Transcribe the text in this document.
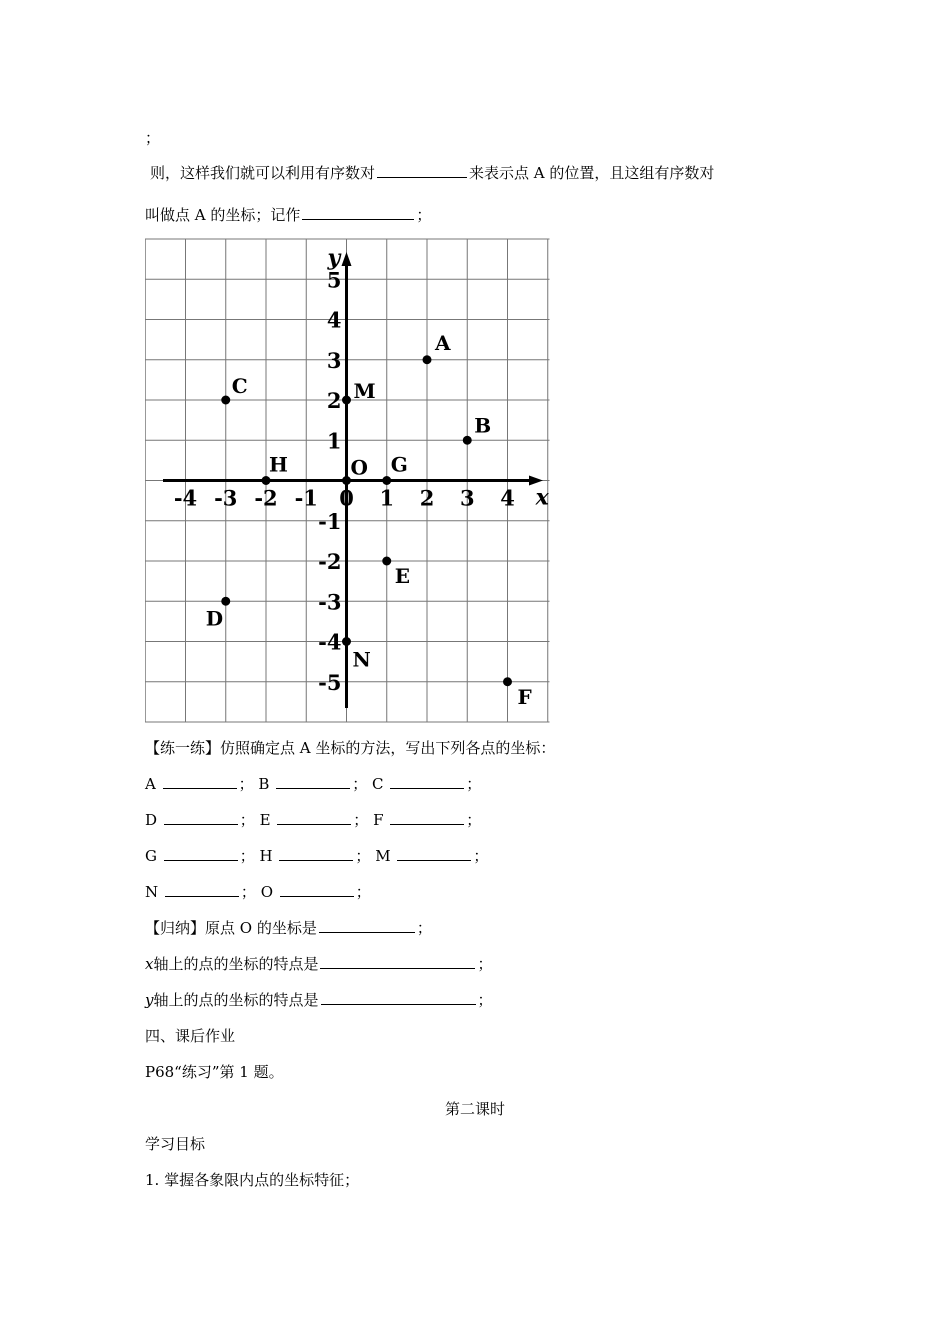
；
则，这样我们就可以利用有序数对	来表示点 A 的位置，且这组有序数对
叫做点 A 的坐标；记作	；
x
y
-4 -3 -2 -1 0 1 2 3 4
5
4
3
2
1
-1
-2
-3
-4
-5
A
B
C	M
H	O G
E
D
N
F
【练一练】仿照确定点 A 坐标的方法，写出下列各点的坐标：
A	； B	； C	；
D	； E	； F	；
G	； H	； M	；
N	； O	；
【归纳】原点 O 的坐标是	；
x轴上的点的坐标的特点是	；
y轴上的点的坐标的特点是	；
四、课后作业
P68“练习”第 1 题。
第二课时
学习目标
1. 掌握各象限内点的坐标特征；
